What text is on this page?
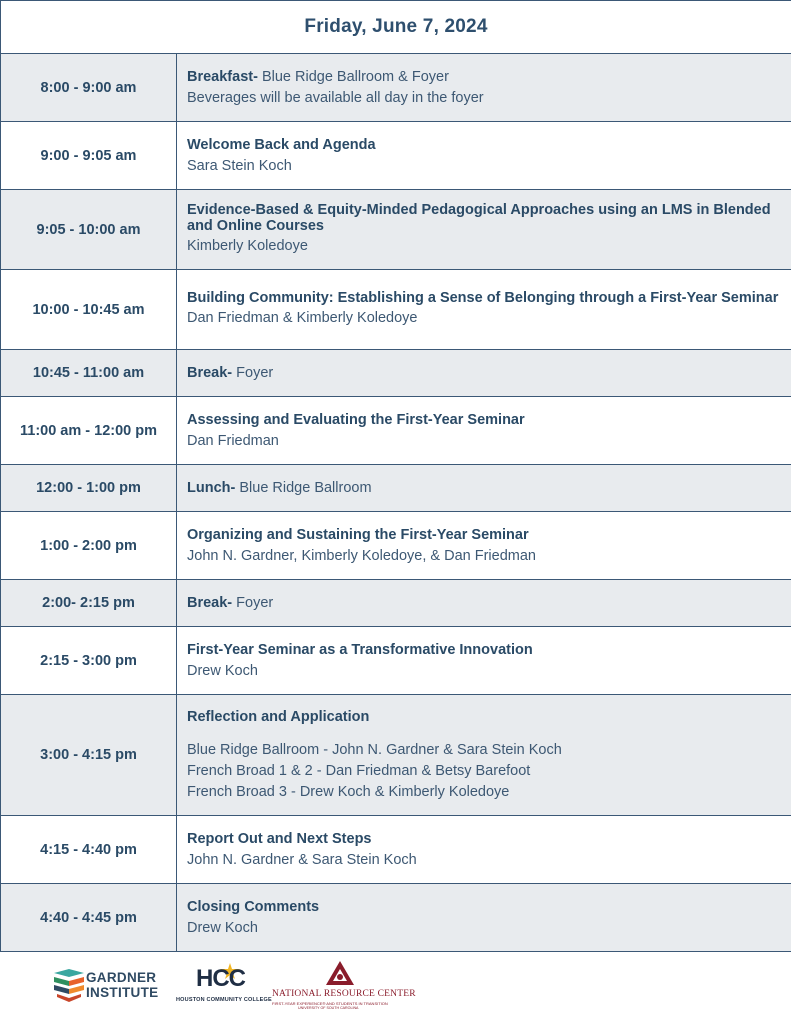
Friday, June 7, 2024	
8:00 - 9:00 am	Breakfast- Blue Ridge Ballroom & Foyer
Beverages will be available all day in the foyer

9:00 - 9:05 am	Welcome Back and Agenda
Sara Stein Koch

9:05 - 10:00 am	Evidence-Based & Equity-Minded Pedagogical Approaches using an LMS in Blended and Online Courses
Kimberly Koledoye

10:00 - 10:45 am	Building Community: Establishing a Sense of Belonging through a First-Year Seminar
Dan Friedman & Kimberly Koledoye

10:45 - 11:00 am	Break- Foyer

11:00 am - 12:00 pm	Assessing and Evaluating the First-Year Seminar
Dan Friedman

12:00 - 1:00 pm	Lunch- Blue Ridge Ballroom

1:00 - 2:00 pm	Organizing and Sustaining the First-Year Seminar
John N. Gardner, Kimberly Koledoye, & Dan Friedman

2:00- 2:15 pm	Break- Foyer

2:15 - 3:00 pm	First-Year Seminar as a Transformative Innovation
Drew Koch

3:00 - 4:15 pm	Reflection and Application
Blue Ridge Ballroom - John N. Gardner & Sara Stein Koch
French Broad 1 & 2 - Dan Friedman & Betsy Barefoot
French Broad 3 - Drew Koch & Kimberly Koledoye

4:15 - 4:40 pm	Report Out and Next Steps
John N. Gardner & Sara Stein Koch

4:40 - 4:45 pm	Closing Comments
Drew Koch
GARDNER
INSTITUTE
HCC
HOUSTON COMMUNITY COLLEGE
NATIONAL RESOURCE CENTER
FIRST-YEAR EXPERIENCE® AND STUDENTS IN TRANSITION
UNIVERSITY OF SOUTH CAROLINA
